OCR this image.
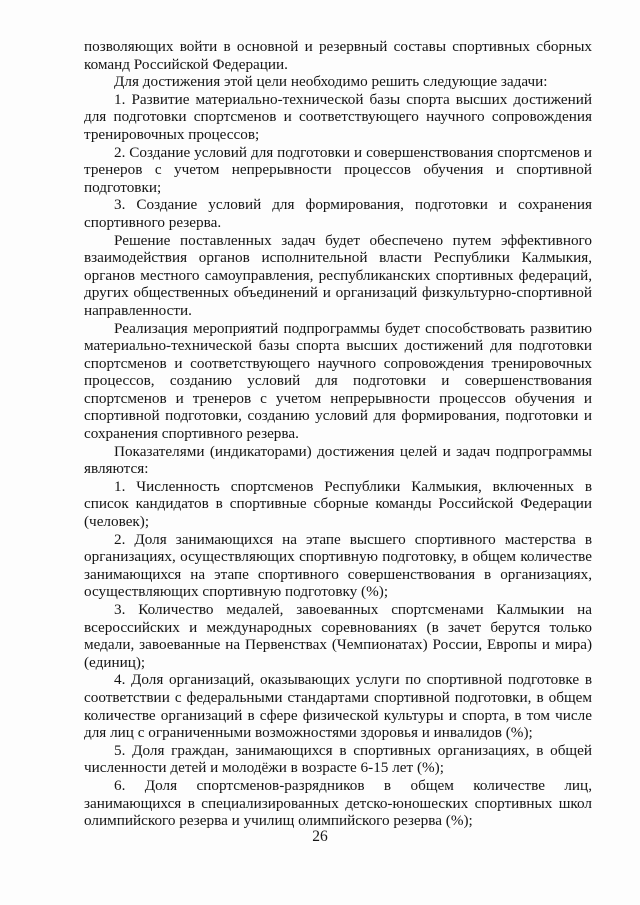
позволяющих войти в основной и резервный составы спортивных сборных команд Российской Федерации.

Для достижения этой цели необходимо решить следующие задачи:

1. Развитие материально-технической базы спорта высших достижений для подготовки спортсменов и соответствующего научного сопровождения тренировочных процессов;

2. Создание условий для подготовки и совершенствования спортсменов и тренеров с учетом непрерывности процессов обучения и спортивной подготовки;

3. Создание условий для формирования, подготовки и сохранения спортивного резерва.

Решение поставленных задач будет обеспечено путем эффективного взаимодействия органов исполнительной власти Республики Калмыкия, органов местного самоуправления, республиканских спортивных федераций, других общественных объединений и организаций физкультурно-спортивной направленности.

Реализация мероприятий подпрограммы будет способствовать развитию материально-технической базы спорта высших достижений для подготовки спортсменов и соответствующего научного сопровождения тренировочных процессов, созданию условий для подготовки и совершенствования спортсменов и тренеров с учетом непрерывности процессов обучения и спортивной подготовки, созданию условий для формирования, подготовки и сохранения спортивного резерва.

Показателями (индикаторами) достижения целей и задач подпрограммы являются:

1. Численность спортсменов Республики Калмыкия, включенных в список кандидатов в спортивные сборные команды Российской Федерации (человек);

2. Доля занимающихся на этапе высшего спортивного мастерства в организациях, осуществляющих спортивную подготовку, в общем количестве занимающихся на этапе спортивного совершенствования в организациях, осуществляющих спортивную подготовку (%);

3. Количество медалей, завоеванных спортсменами Калмыкии на всероссийских и международных соревнованиях (в зачет берутся только медали, завоеванные на Первенствах (Чемпионатах) России, Европы и мира) (единиц);

4. Доля организаций, оказывающих услуги по спортивной подготовке в соответствии с федеральными стандартами спортивной подготовки, в общем количестве организаций в сфере физической культуры и спорта, в том числе для лиц с ограниченными возможностями здоровья и инвалидов (%);

5. Доля граждан, занимающихся в спортивных организациях, в общей численности детей и молодёжи в возрасте 6-15 лет (%);

6. Доля спортсменов-разрядников в общем количестве лиц, занимающихся в специализированных детско-юношеских спортивных школ олимпийского резерва и училищ олимпийского резерва (%);

26
